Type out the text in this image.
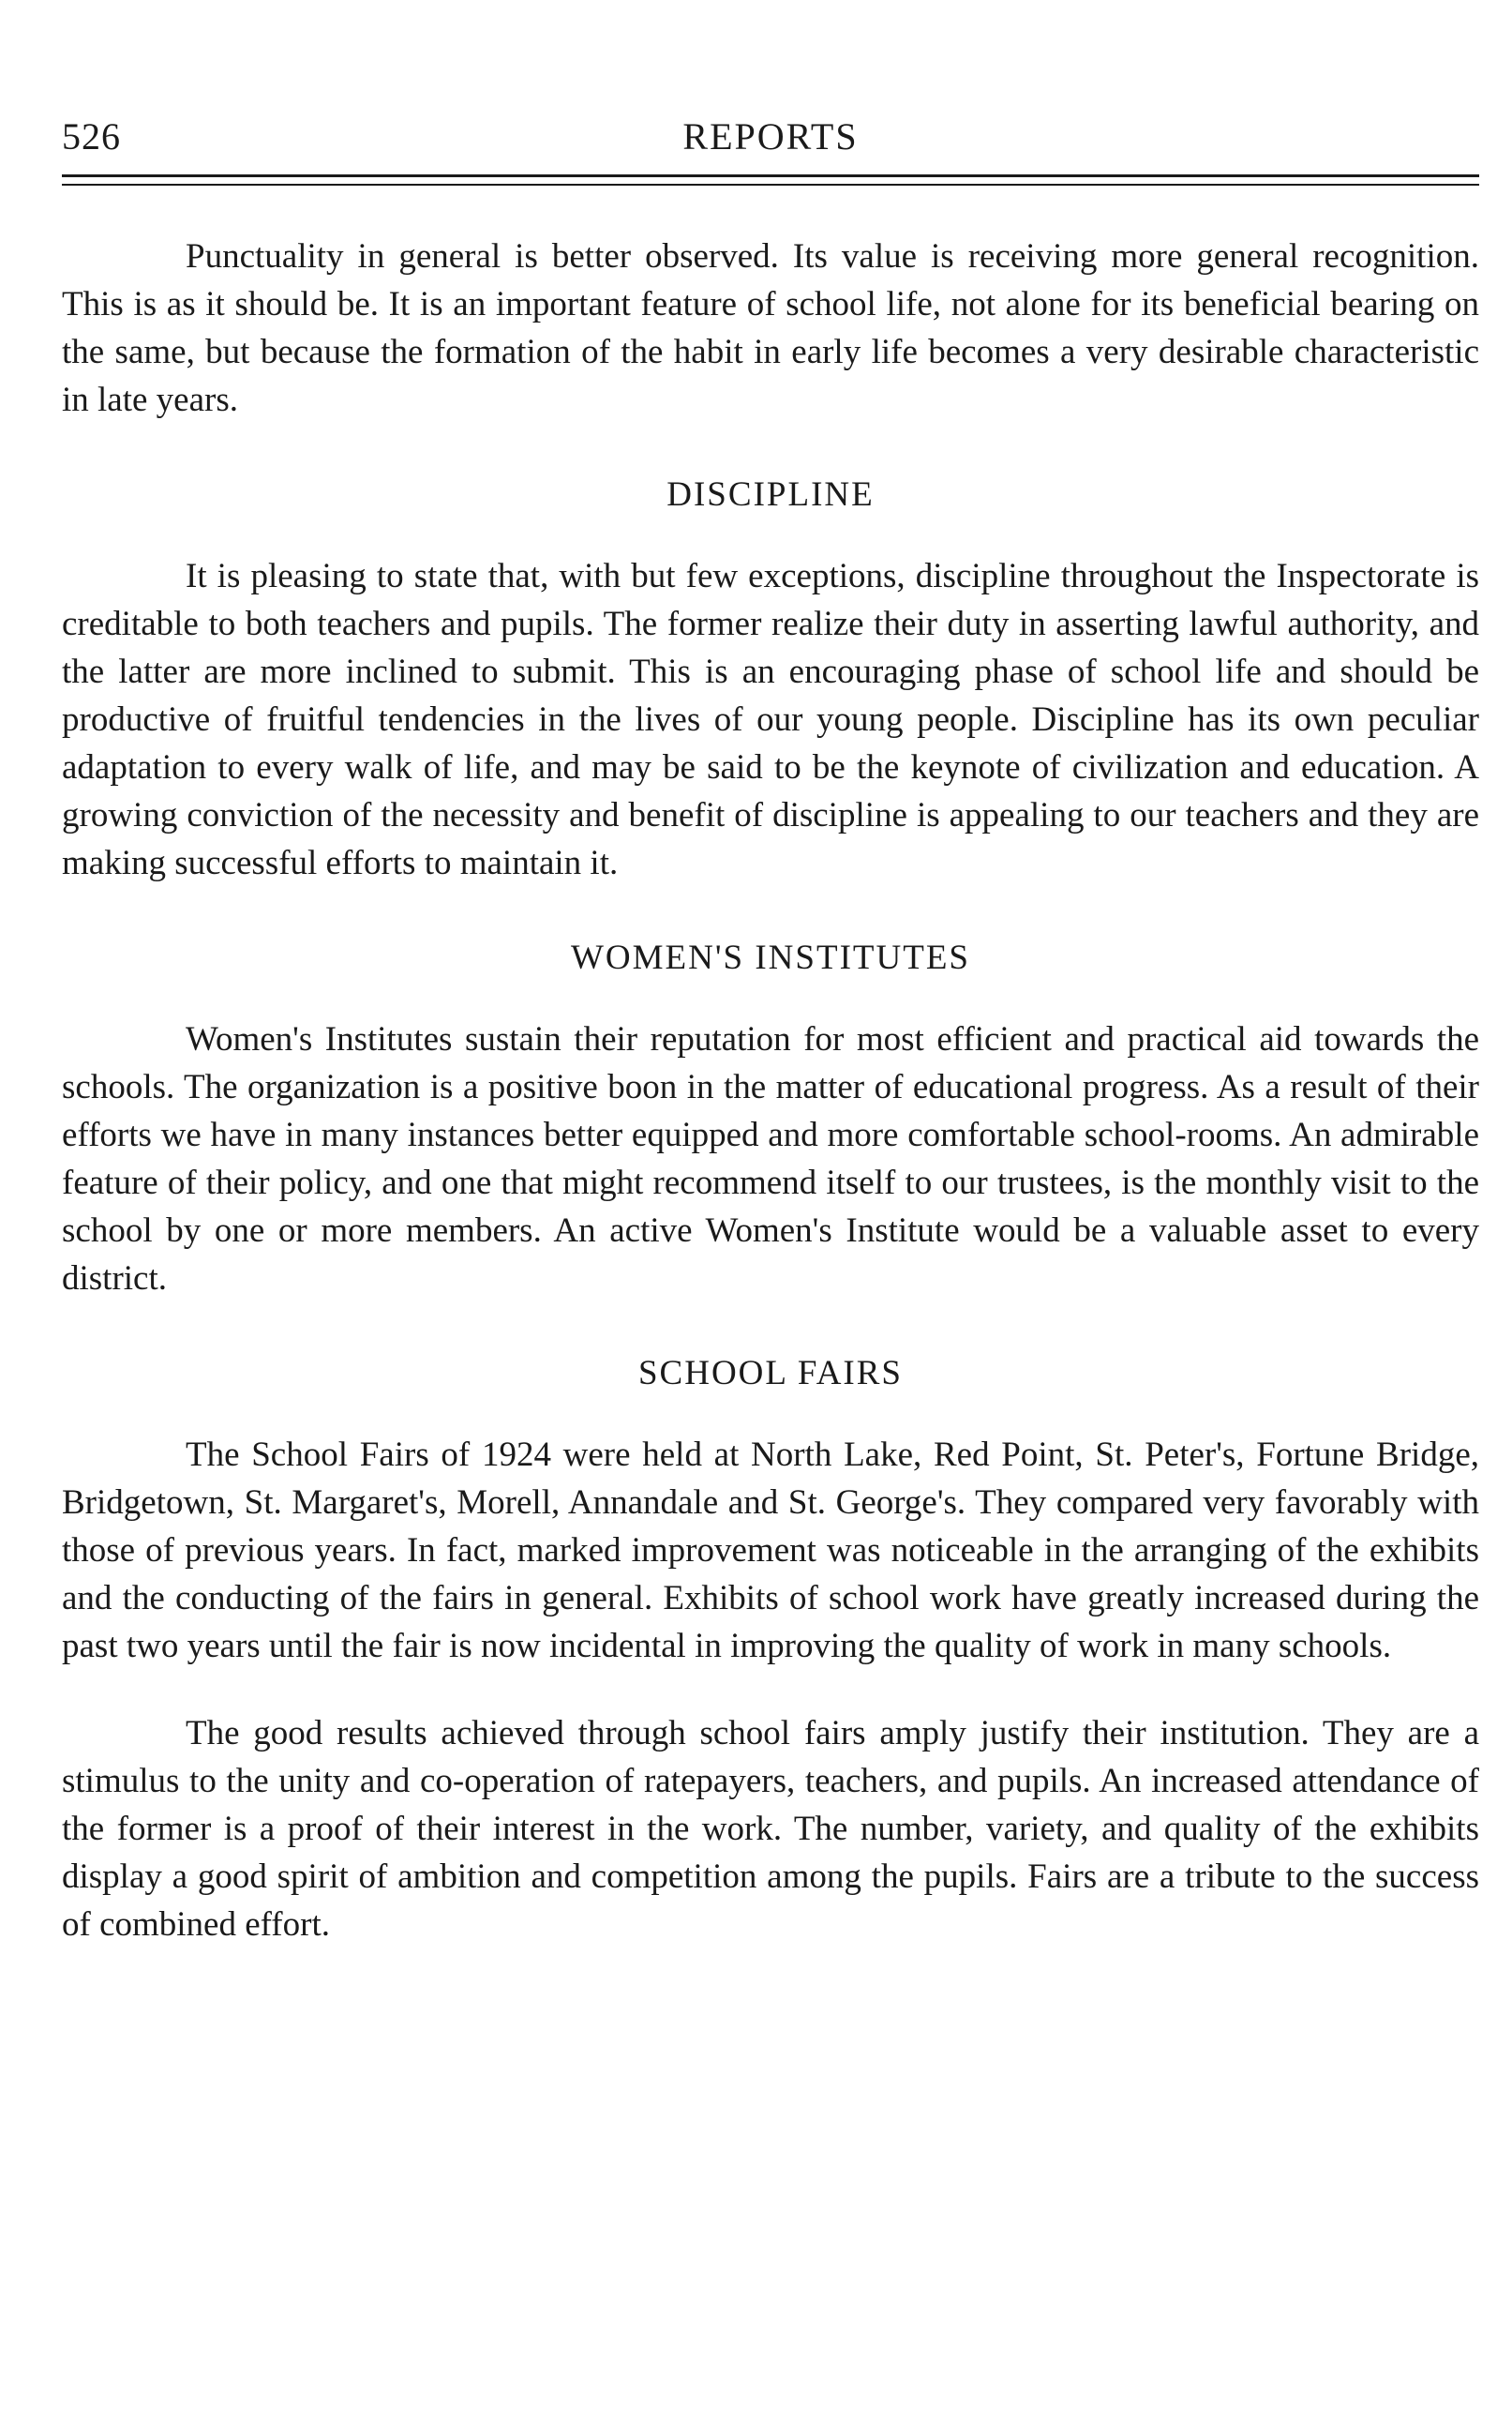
526	REPORTS

Punctuality in general is better observed. Its value is receiving more general recognition. This is as it should be. It is an important feature of school life, not alone for its beneficial bearing on the same, but because the formation of the habit in early life becomes a very desirable characteristic in late years.

DISCIPLINE

It is pleasing to state that, with but few exceptions, discipline throughout the Inspectorate is creditable to both teachers and pupils. The former realize their duty in asserting lawful authority, and the latter are more inclined to submit. This is an encouraging phase of school life and should be productive of fruitful tendencies in the lives of our young people. Discipline has its own peculiar adaptation to every walk of life, and may be said to be the keynote of civilization and education. A growing conviction of the necessity and benefit of discipline is appealing to our teachers and they are making successful efforts to maintain it.

WOMEN'S INSTITUTES

Women's Institutes sustain their reputation for most efficient and practical aid towards the schools. The organization is a positive boon in the matter of educational progress. As a result of their efforts we have in many instances better equipped and more comfortable school-rooms. An admirable feature of their policy, and one that might recommend itself to our trustees, is the monthly visit to the school by one or more members. An active Women's Institute would be a valuable asset to every district.

SCHOOL FAIRS

The School Fairs of 1924 were held at North Lake, Red Point, St. Peter's, Fortune Bridge, Bridgetown, St. Margaret's, Morell, Annandale and St. George's. They compared very favorably with those of previous years. In fact, marked improvement was noticeable in the arranging of the exhibits and the conducting of the fairs in general. Exhibits of school work have greatly increased during the past two years until the fair is now incidental in improving the quality of work in many schools.

The good results achieved through school fairs amply justify their institution. They are a stimulus to the unity and co-operation of ratepayers, teachers, and pupils. An increased attendance of the former is a proof of their interest in the work. The number, variety, and quality of the exhibits display a good spirit of ambition and competition among the pupils. Fairs are a tribute to the success of combined effort.
